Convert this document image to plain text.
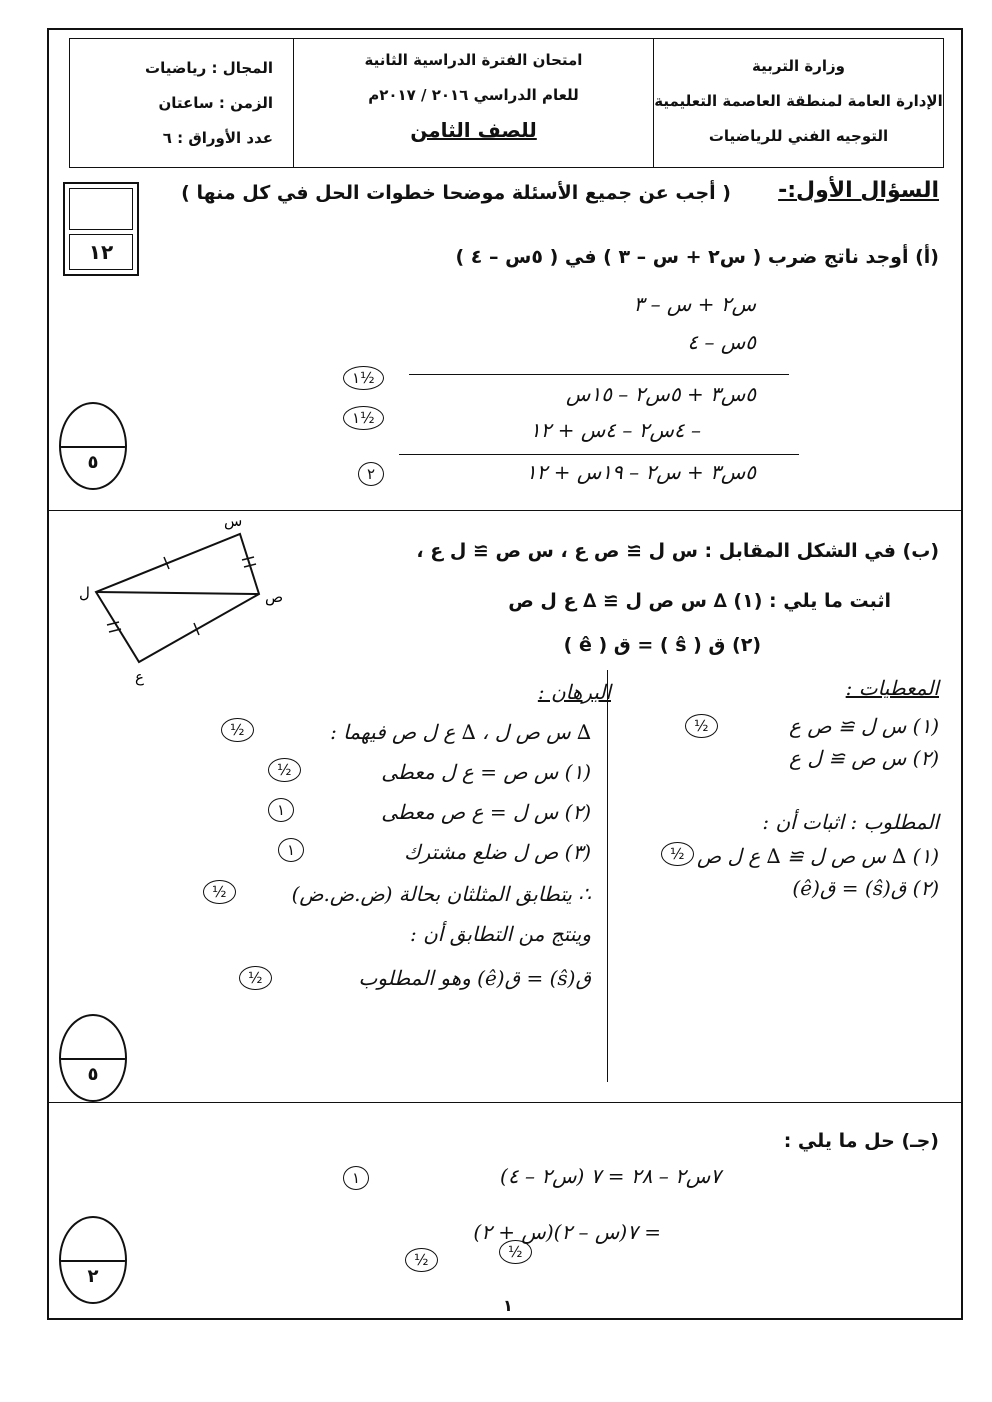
وزارة التربية
الإدارة العامة لمنطقة العاصمة التعليمية
التوجيه الفني للرياضيات
امتحان الفترة الدراسية الثانية
للعام الدراسي ٢٠١٦ / ٢٠١٧م
للصف الثامن
المجال : رياضيات
الزمن : ساعتان
عدد الأوراق : ٦
السؤال الأول:-
( أجب عن جميع الأسئلة موضحا خطوات الحل في كل منها )
١٢	(أ) أوجد ناتج ضرب ( س٢ + س – ٣ ) في ( ٥س – ٤ )
س٢ + س – ٣
٥س – ٤
٥س٣ + ٥س٢ – ١٥س
– ٤س٢ – ٤س + ١٢
٥س٣ + س٢ – ١٩س + ١٢
١½
١½
٢
٥
(ب) في الشكل المقابل : س ل ≅ ص ع ، س ص ≅ ل ع ،
اثبت ما يلي : (١) ∆ س ص ل ≅ ∆ ع ل ص
(٢) ق ( ŝ ) = ق ( ê )
س
ل	ص
ع	المعطيات :
(١) س ل ≅ ص ع
(٢) س ص ≅ ل ع
½
المطلوب : اثبات أن :
(١) ∆ س ص ل ≅ ∆ ع ل ص
(٢) ق(ŝ) = ق(ê)
½
البرهان :
∆ س ص ل ، ∆ ع ل ص فيهما :
(١) س ص = ع ل معطى
(٢) س ل = ع ص معطى
(٣) ص ل ضلع مشترك
∴ يتطابق المثلثان بحالة (ض.ض.ض)
وينتج من التطابق أن :
ق(ŝ) = ق(ê) وهو المطلوب
½
½
١
١
½
½
٥
(جـ) حل ما يلي :
٧س٢ – ٢٨ = ٧ (س٢ – ٤)
= ٧(س – ٢)(س + ٢)
١
½	½
٢
١
